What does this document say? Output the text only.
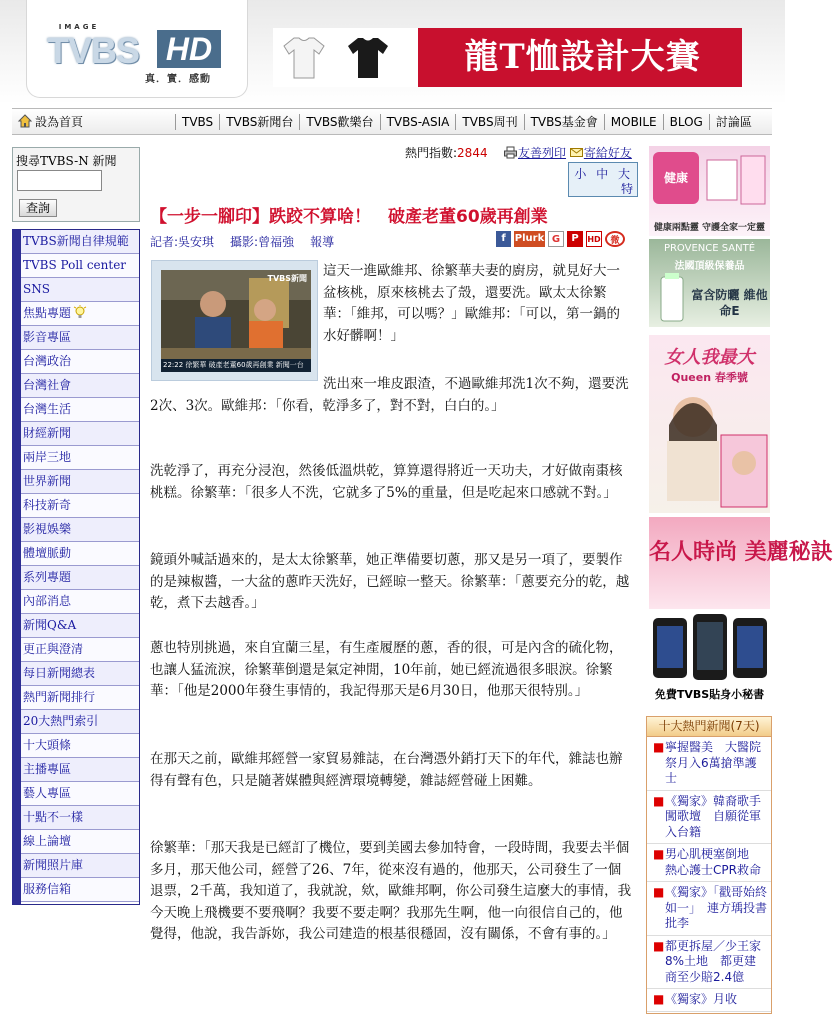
IMAGE
TVBS HD
真．實．感動
龍T恤設計大賽
設為首頁	TVBS	TVBS新聞台	TVBS歡樂台	TVBS-ASIA	TVBS周刊	TVBS基金會	MOBILE	BLOG	討論區
搜尋TVBS-N 新聞
查詢
TVBS新聞自律規範
TVBS Poll center
SNS
焦點專題
影音專區
台灣政治
台灣社會
台灣生活
財經新聞
兩岸三地
世界新聞
科技新奇
影視娛樂
體壇脈動
系列專題
內部消息
新聞Q&A
更正與澄清
每日新聞總表
熱門新聞排行
20大熱門索引
十大頭條
主播專區
藝人專區
十點不一樣
線上論壇
新聞照片庫
服務信箱
熱門指數:2844	友善列印 寄給好友
小 中 大
特
【一步一腳印】跌跤不算啥！　破產老董60歲再創業
記者:吳安琪 攝影:曾福強 報導	f Plurk G	P	HD	微
TVBS新聞
22:22 徐繁華 破產老董60歲再創業 新聞一台
這天一進歐維邦、徐繁華夫妻的廚房，就見好大一盆核桃，原來核桃去了殼，還要洗。歐太太徐繁華：「維邦，可以嗎？」歐維邦：「可以，第一鍋的水好髒啊！」
洗出來一堆皮跟渣，不過歐維邦洗1次不夠，還要洗2次、3次。歐維邦：「你看，乾淨多了，對不對，白白的。」
洗乾淨了，再充分浸泡，然後低溫烘乾，算算還得將近一天功夫，才好做南棗核桃糕。徐繁華：「很多人不洗，它就多了5%的重量，但是吃起來口感就不對。」
鏡頭外喊話過來的，是太太徐繁華，她正準備要切蔥，那又是另一項了，要製作的是辣椒醬，一大盆的蔥昨天洗好，已經晾一整天。徐繁華：「蔥要充分的乾，越乾，煮下去越香。」
蔥也特別挑過，來自宜蘭三星，有生產履歷的蔥，香的很，可是內含的硫化物，也讓人猛流淚，徐繁華倒還是氣定神閒，10年前，她已經流過很多眼淚。徐繁華：「他是2000年發生事情的，我記得那天是6月30日，他那天很特別。」
在那天之前，歐維邦經營一家貿易雜誌，在台灣憑外銷打天下的年代，雜誌也辦得有聲有色，只是隨著媒體與經濟環境轉變，雜誌經營碰上困難。
徐繁華：「那天我是已經訂了機位，要到美國去參加特會，一段時間，我要去半個多月，那天他公司，經營了26、7年，從來沒有過的，他那天，公司發生了一個退票，2千萬，我知道了，我就說，欸，歐維邦啊，你公司發生這麼大的事情，我今天晚上飛機要不要飛啊？我要不要走啊？我那先生啊，他一向很信自己的，他覺得，他說，我告訴妳，我公司建造的根基很穩固，沒有關係，不會有事的。」
健康
健康兩點靈 守護全家一定靈
PROVENCE SANTÉ
法國頂級保養品
富含防曬 維他命E
女人我最大
Queen 春季號
名人時尚 美麗秘訣
免費TVBS貼身小秘書
十大熱門新聞(7天)
■ 寧握醫美　大醫院祭月入6萬搶準護士
■ 《獨家》韓裔歌手闖歌壇　自願從軍入台籍
■ 男心肌梗塞倒地　熱心護士CPR救命
■ 《獨家》「戳哥始終如一」　連方瑀投書批李
■ 都更拆屋／少王家8%土地　都更建商至少賠2.4億
■ 《獨家》月收
